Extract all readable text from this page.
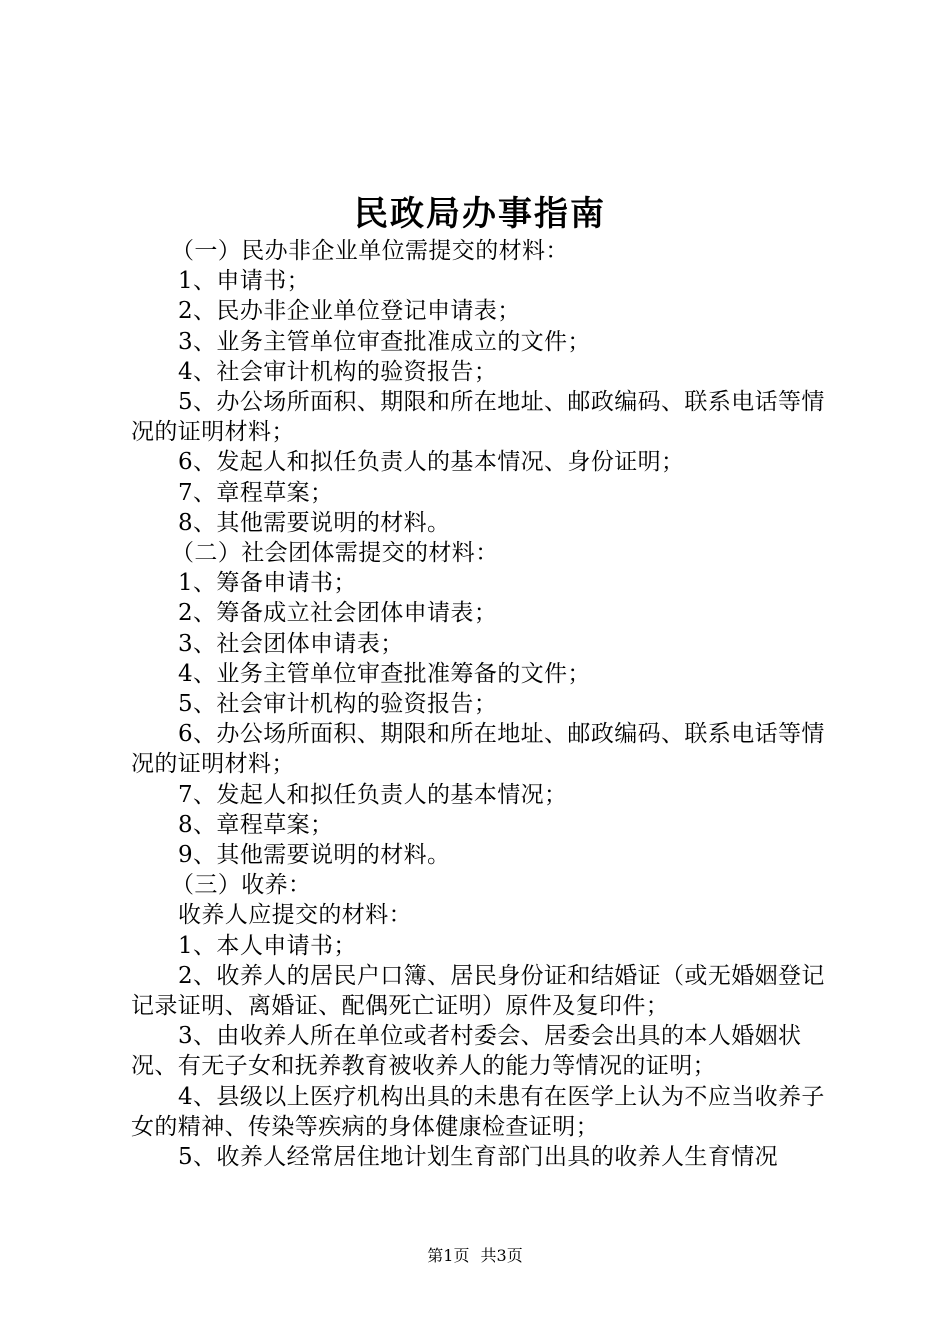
民政局办事指南

（一）民办非企业单位需提交的材料：

1、申请书；

2、民办非企业单位登记申请表；

3、业务主管单位审查批准成立的文件；

4、社会审计机构的验资报告；

5、办公场所面积、期限和所在地址、邮政编码、联系电话等情况的证明材料；

6、发起人和拟任负责人的基本情况、身份证明；

7、章程草案；

8、其他需要说明的材料。

（二）社会团体需提交的材料：

1、筹备申请书；

2、筹备成立社会团体申请表；

3、社会团体申请表；

4、业务主管单位审查批准筹备的文件；

5、社会审计机构的验资报告；

6、办公场所面积、期限和所在地址、邮政编码、联系电话等情况的证明材料；

7、发起人和拟任负责人的基本情况；

8、章程草案；

9、其他需要说明的材料。

（三）收养：

收养人应提交的材料：

1、本人申请书；

2、收养人的居民户口簿、居民身份证和结婚证（或无婚姻登记记录证明、离婚证、配偶死亡证明）原件及复印件；

3、由收养人所在单位或者村委会、居委会出具的本人婚姻状况、有无子女和抚养教育被收养人的能力等情况的证明；

4、县级以上医疗机构出具的未患有在医学上认为不应当收养子女的精神、传染等疾病的身体健康检查证明；

5、收养人经常居住地计划生育部门出具的收养人生育情况

第1页 共3页
